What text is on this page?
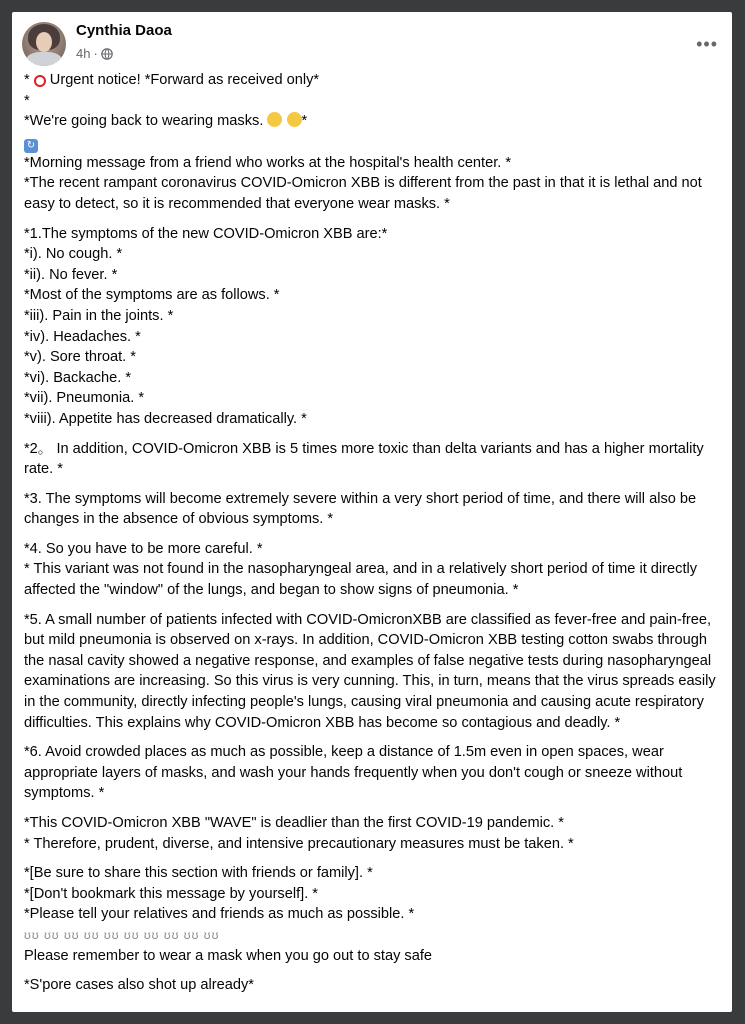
Cynthia Daoa
4h ·	•••

*  Urgent notice! *Forward as received only*

*

*We're going back to wearing masks.  *

↻

*Morning message from a friend who works at the hospital's health center. *

*The recent rampant coronavirus COVID-Omicron XBB is different from the past in that it is lethal and not easy to detect, so it is recommended that everyone wear masks. *

*1.The symptoms of the new COVID-Omicron XBB are:*

*i). No cough. *

*ii). No fever. *

*Most of the symptoms are as follows. *

*iii). Pain in the joints. *

*iv). Headaches. *

*v). Sore throat. *

*vi). Backache. *

*vii). Pneumonia. *

*viii). Appetite has decreased dramatically. *

*2。 In addition, COVID-Omicron XBB is 5 times more toxic than delta variants and has a higher mortality rate. *

*3. The symptoms will become extremely severe within a very short period of time, and there will also be changes in the absence of obvious symptoms. *

*4. So you have to be more careful. *

* This variant was not found in the nasopharyngeal area, and in a relatively short period of time it directly affected the "window" of the lungs, and began to show signs of pneumonia. *

*5. A small number of patients infected with COVID-OmicronXBB are classified as fever-free and pain-free, but mild pneumonia is observed on x-rays. In addition, COVID-Omicron XBB testing cotton swabs through the nasal cavity showed a negative response, and examples of false negative tests during nasopharyngeal examinations are increasing. So this virus is very cunning. This, in turn, means that the virus spreads easily in the community, directly infecting people's lungs, causing viral pneumonia and causing acute respiratory difficulties. This explains why COVID-Omicron XBB has become so contagious and deadly. *

*6. Avoid crowded places as much as possible, keep a distance of 1.5m even in open spaces, wear appropriate layers of masks, and wash your hands frequently when you don't cough or sneeze without symptoms. *

*This COVID-Omicron XBB "WAVE" is deadlier than the first COVID-19 pandemic. *

* Therefore, prudent, diverse, and intensive precautionary measures must be taken. *

*[Be sure to share this section with friends or family]. *

*[Don't bookmark this message by yourself]. *

*Please tell your relatives and friends as much as possible. *

ʊʊ ʊʊ ʊʊ ʊʊ ʊʊ ʊʊ ʊʊ ʊʊ ʊʊ ʊʊ

Please remember to wear a mask when you go out to stay safe

*S'pore cases also shot up already*
